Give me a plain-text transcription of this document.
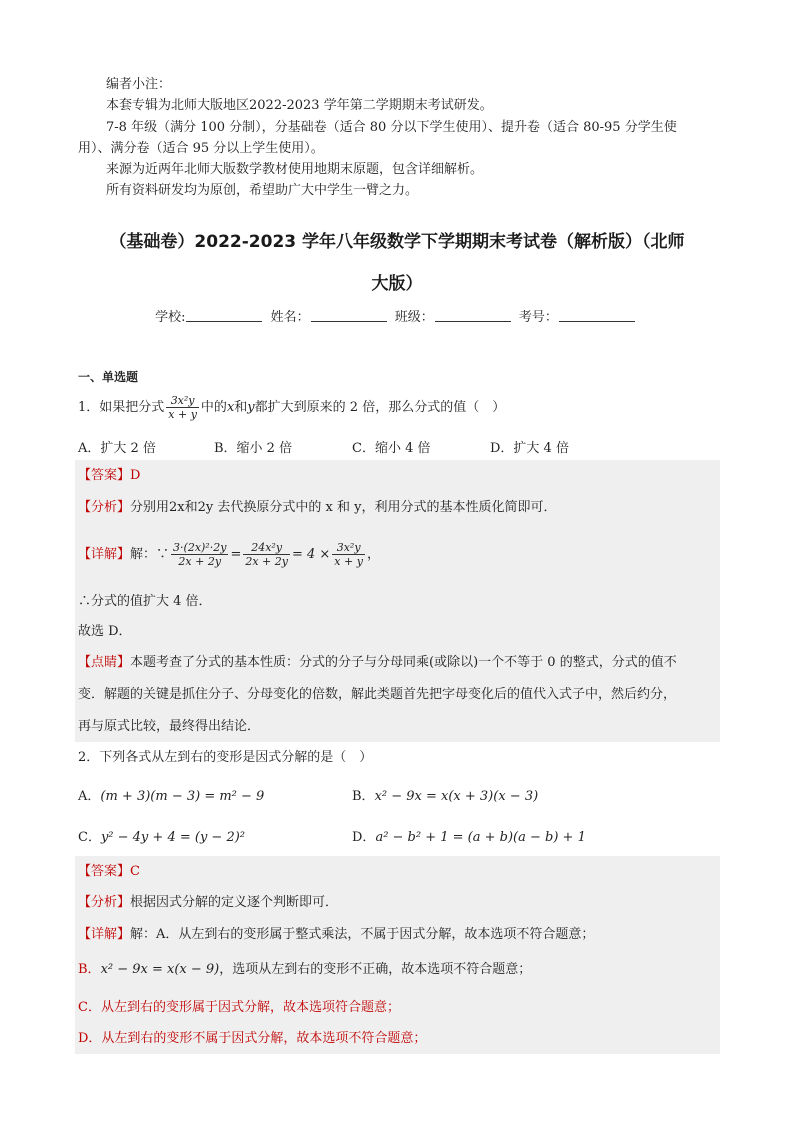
编者小注：
本套专辑为北师大版地区2022-2023 学年第二学期期末考试研发。
7-8 年级（满分 100 分制），分基础卷（适合 80 分以下学生使用）、提升卷（适合 80-95 分学生使
用）、满分卷（适合 95 分以上学生使用）。
来源为近两年北师大版数学教材使用地期末原题，包含详细解析。
所有资料研发均为原创，希望助广大中学生一臂之力。
（基础卷）2022-2023 学年八年级数学下学期期末考试卷（解析版）（北师
大版）
学校:	姓名：	班级：	考号：
一、单选题
1．如果把分式 $\frac{\text{3x²y}}{x + y}$ 中的x和y都扩大到原来的 2 倍，那么分式的值（　）
A．扩大 2 倍	B．缩小 2 倍	C．缩小 4 倍	D．扩大 4 倍
【答案】D
【分析】分别用2x和2y 去代换原分式中的 x 和 y，利用分式的基本性质化简即可．
【详解】解：∵ $\frac{\text{3·(2x)²·2y}}{2x + 2y} = \frac{\text{24x²y}}{2x + 2y} = 4 \times \frac{\text{3x²y}}{x + y}$ ，
∴分式的值扩大 4 倍．
故选 D．
【点睛】本题考查了分式的基本性质：分式的分子与分母同乘(或除以)一个不等于 0 的整式，分式的值不
变．解题的关键是抓住分子、分母变化的倍数，解此类题首先把字母变化后的值代入式子中，然后约分，
再与原式比较，最终得出结论．
2．下列各式从左到右的变形是因式分解的是（　）
A．(m + 3)(m − 3) = m² − 9	B．x² − 9x = x(x + 3)(x − 3)
C．y² − 4y + 4 = (y − 2)²	D．a² − b² + 1 = (a + b)(a − b) + 1
【答案】C
【分析】根据因式分解的定义逐个判断即可．
【详解】解：A．从左到右的变形属于整式乘法，不属于因式分解，故本选项不符合题意；
B．x² − 9x = x(x − 9)，选项从左到右的变形不正确，故本选项不符合题意；
C．从左到右的变形属于因式分解，故本选项符合题意；
D．从左到右的变形不属于因式分解，故本选项不符合题意；
